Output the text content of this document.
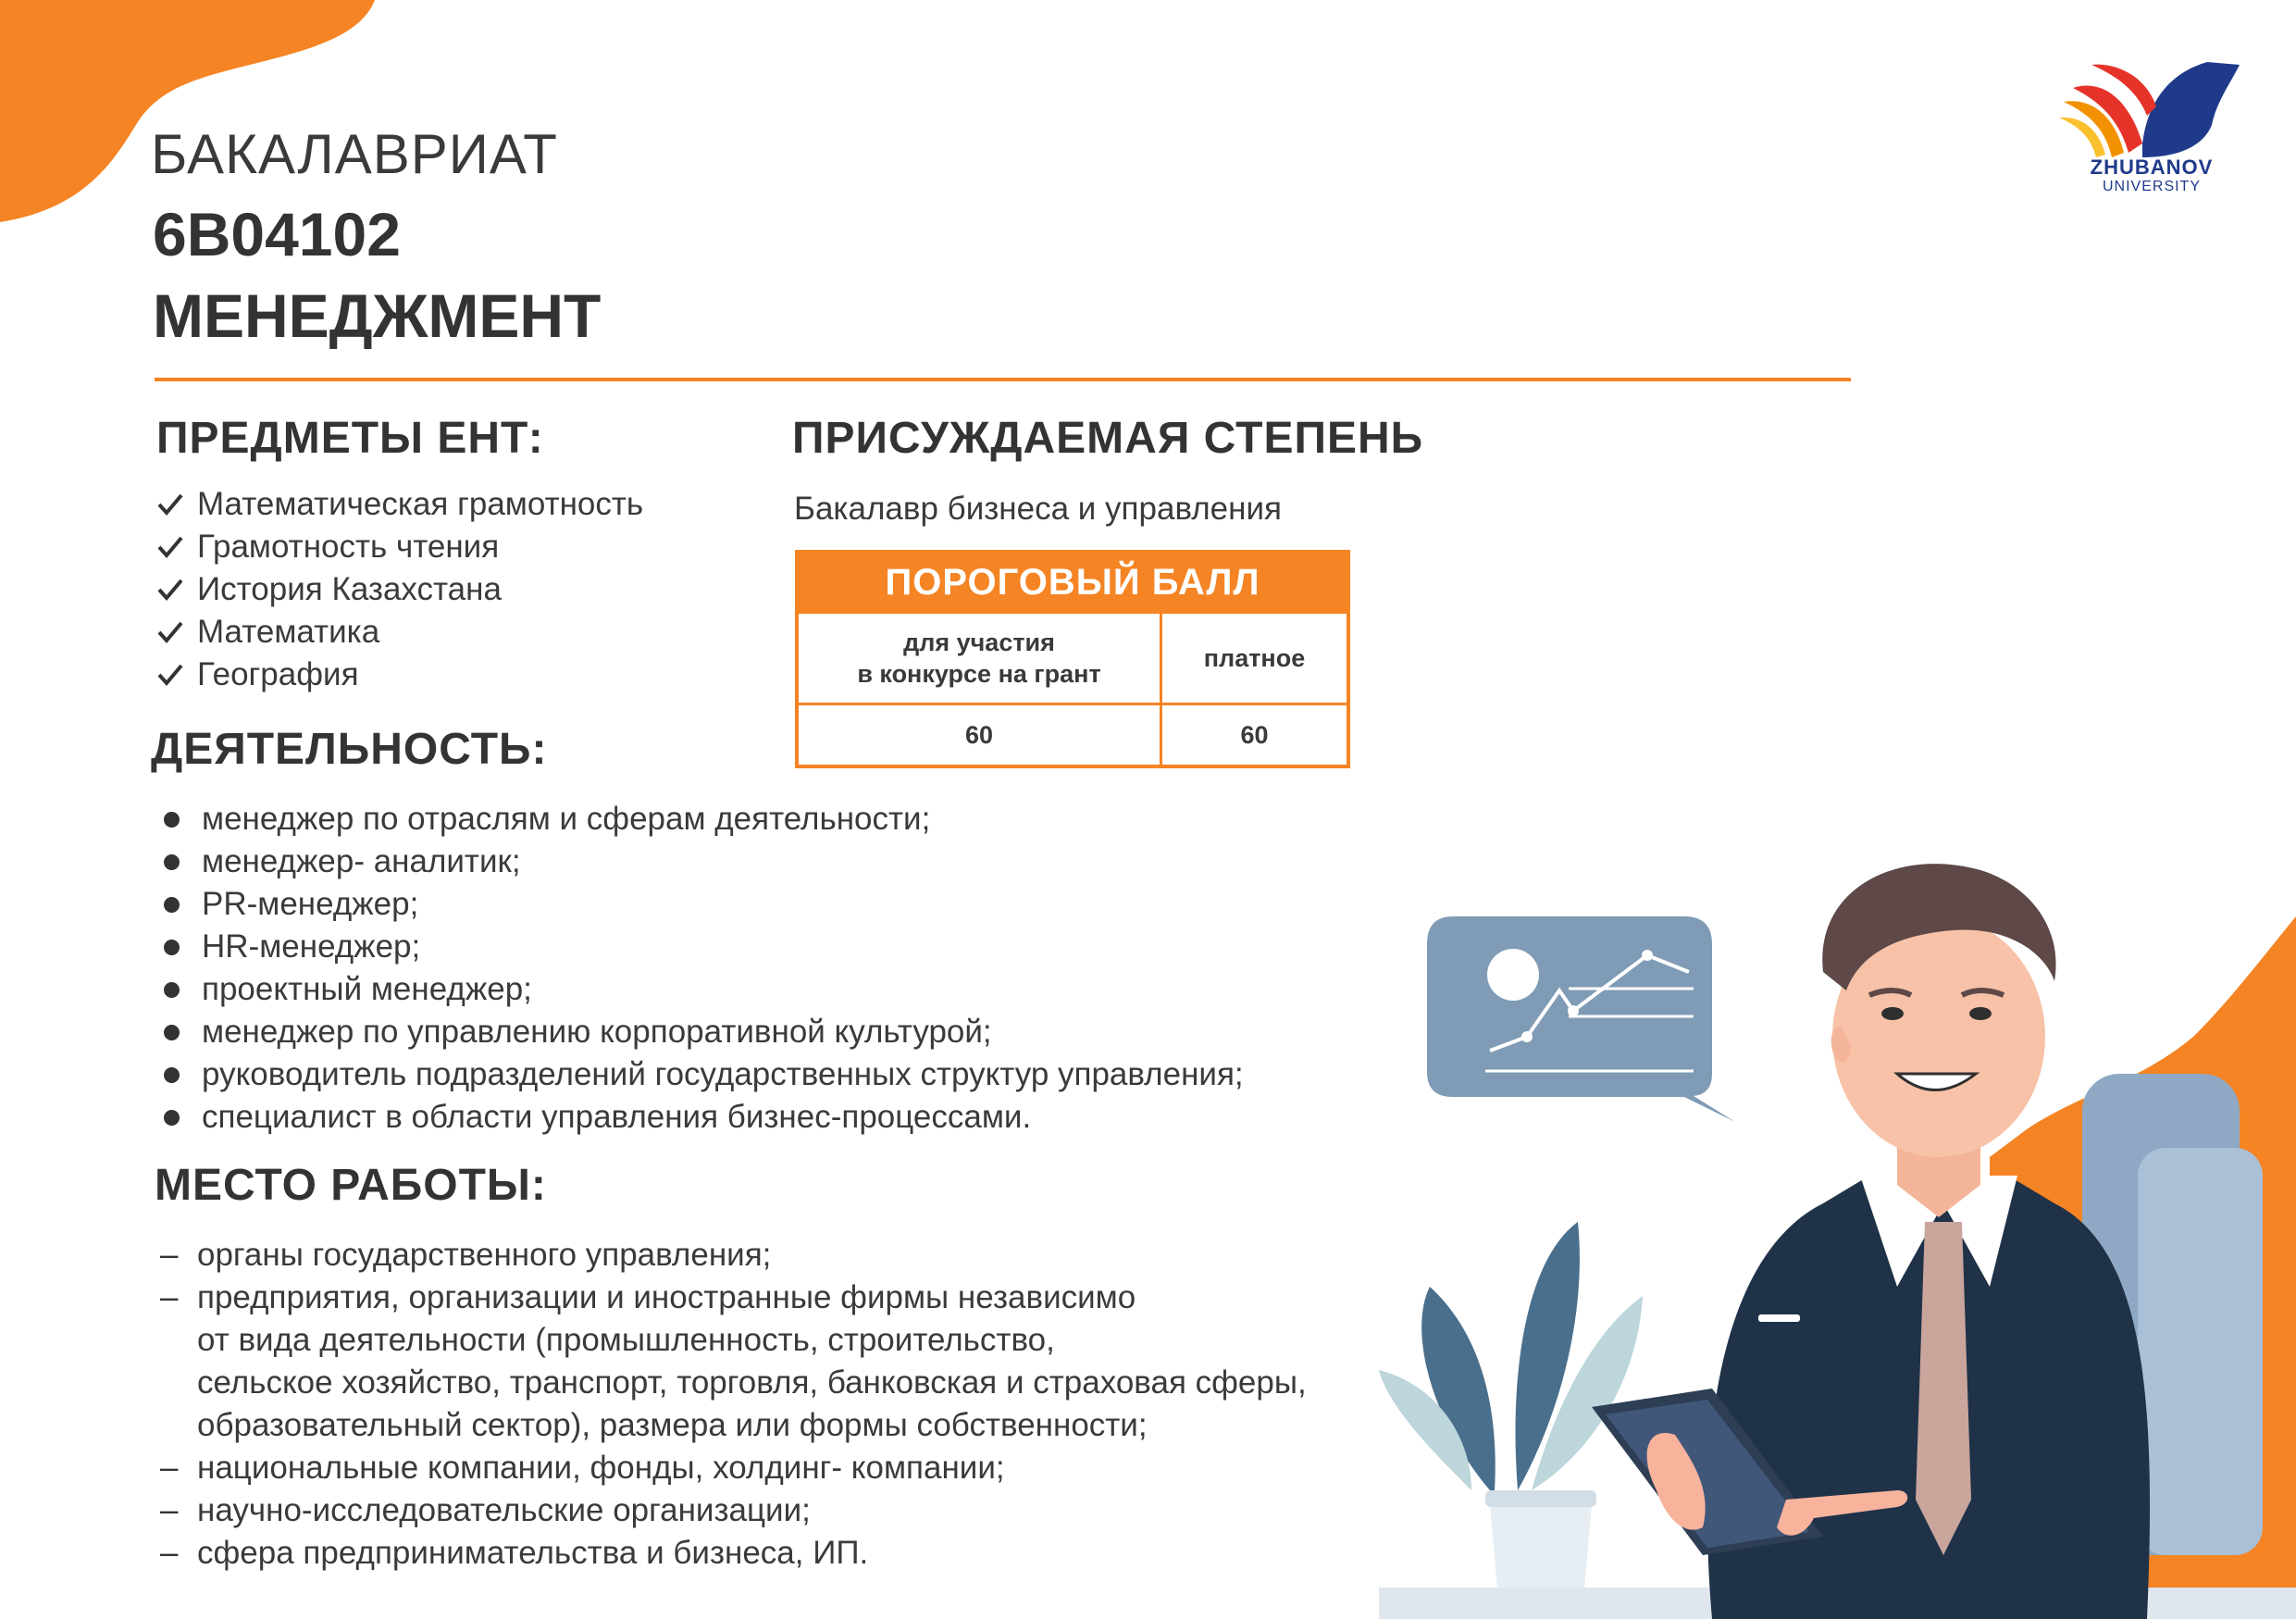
ZHUBANOV
UNIVERSITY
БАКАЛАВРИАТ
6B04102
МЕНЕДЖМЕНТ
ПРЕДМЕТЫ ЕНТ:
Математическая грамотность
Грамотность чтения
История Казахстана
Математика
География
ПРИСУЖДАЕМАЯ СТЕПЕНЬ
Бакалавр бизнеса и управления
ПОРОГОВЫЙ БАЛЛ
для участия
в конкурсе на грант
платное
60	60
ДЕЯТЕЛЬНОСТЬ:
менеджер по отраслям и сферам деятельности;
менеджер- аналитик;
PR-менеджер;
HR-менеджер;
проектный менеджер;
менеджер по управлению корпоративной культурой;
руководитель подразделений государственных структур управления;
специалист в области управления бизнес-процессами.
МЕСТО РАБОТЫ:
– органы государственного управления;
– предприятия, организации и иностранные фирмы независимо
от вида деятельности (промышленность, строительство,
сельское хозяйство, транспорт, торговля, банковская и страховая сферы,
образовательный сектор), размера или формы собственности;
– национальные компании, фонды, холдинг- компании;
– научно-исследовательские организации;
– сфера предпринимательства и бизнеса, ИП.
